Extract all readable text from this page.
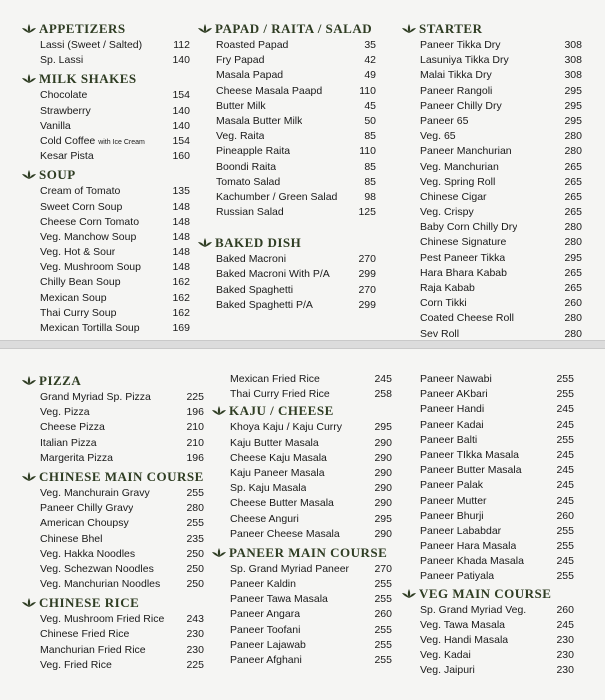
APPETIZERS
Lassi (Sweet / Salted)	112
Sp. Lassi	140
MILK SHAKES
Chocolate	154
Strawberry	140
Vanilla	140
Cold Coffee with Ice Cream	154
Kesar Pista	160
SOUP
Cream of Tomato	135
Sweet Corn Soup	148
Cheese Corn Tomato	148
Veg. Manchow Soup	148
Veg. Hot & Sour	148
Veg. Mushroom Soup	148
Chilly Bean Soup	162
Mexican Soup	162
Thai Curry Soup	162
Mexican Tortilla Soup	169
PAPAD / RAITA / SALAD
Roasted Papad	35
Fry Papad	42
Masala Papad	49
Cheese Masala Paapd	110
Butter Milk	45
Masala Butter Milk	50
Veg. Raita	85
Pineapple Raita	110
Boondi Raita	85
Tomato Salad	85
Kachumber / Green Salad	98
Russian Salad	125
BAKED DISH
Baked Macroni	270
Baked Macroni With P/A	299
Baked Spaghetti	270
Baked Spaghetti P/A	299
STARTER
Paneer Tikka Dry	308
Lasuniya Tikka Dry	308
Malai Tikka Dry	308
Paneer Rangoli	295
Paneer Chilly Dry	295
Paneer 65	295
Veg. 65	280
Paneer Manchurian	280
Veg. Manchurian	265
Veg. Spring Roll	265
Chinese Cigar	265
Veg. Crispy	265
Baby Corn Chilly Dry	280
Chinese Signature	280
Pest Paneer Tikka	295
Hara Bhara Kabab	265
Raja Kabab	265
Corn Tikki	260
Coated Cheese Roll	280
Sev Roll	280
PIZZA
Grand Myriad Sp. Pizza	225
Veg. Pizza	196
Cheese Pizza	210
Italian Pizza	210
Margerita Pizza	196
CHINESE MAIN COURSE
Veg. Manchurain Gravy	255
Paneer Chilly Gravy	280
American Choupsy	255
Chinese Bhel	235
Veg. Hakka Noodles	250
Veg. Schezwan Noodles	250
Veg. Manchurian Noodles 250
CHINESE RICE
Veg. Mushroom Fried Rice 243
Chinese Fried Rice	230
Manchurian Fried Rice	230
Veg. Fried Rice	225
Mexican Fried Rice	245
Thai Curry Fried Rice	258
KAJU / CHEESE
Khoya Kaju / Kaju Curry	295
Kaju Butter Masala	290
Cheese Kaju Masala	290
Kaju Paneer Masala	290
Sp. Kaju Masala	290
Cheese Butter Masala	290
Cheese Anguri	295
Paneer Cheese Masala	290
PANEER MAIN COURSE
Sp. Grand Myriad Paneer 270
Paneer Kaldin	255
Paneer Tawa Masala	255
Paneer Angara	260
Paneer Toofani	255
Paneer Lajawab	255
Paneer Afghani	255
Paneer Nawabi	255
Paneer AKbari	255
Paneer Handi	245
Paneer Kadai	245
Paneer Balti	255
Paneer TIkka Masala	245
Paneer Butter Masala	245
Paneer Palak	245
Paneer Mutter	245
Paneer Bhurji	260
Paneer Lababdar	255
Paneer Hara Masala	255
Paneer Khada Masala	245
Paneer Patiyala	255
VEG MAIN COURSE
Sp. Grand Myriad Veg.	260
Veg. Tawa Masala	245
Veg. Handi Masala	230
Veg. Kadai	230
Veg. Jaipuri	230
